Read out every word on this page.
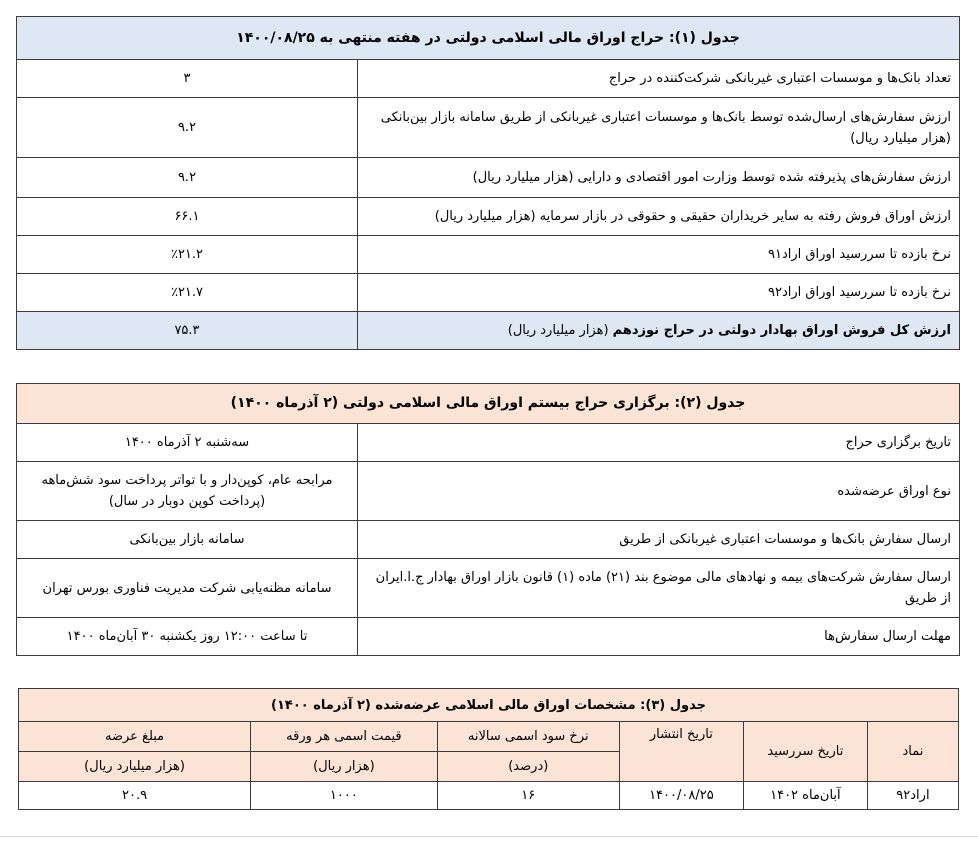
جدول (۱): حراج اوراق مالی اسلامی دولتی در هفته منتهی به ۱۴۰۰/۰۸/۲۵	
تعداد بانک‌ها و موسسات اعتباری غیربانکی شرکت‌کننده در حراج	۳
ارزش سفارش‌های ارسال‌شده توسط بانک‌ها و موسسات اعتباری غیربانکی از طریق سامانه بازار بین‌بانکی (هزار میلیارد ریال)	۹.۲
ارزش سفارش‌های پذیرفته شده توسط وزارت امور اقتصادی و دارایی (هزار میلیارد ریال)	۹.۲
ارزش اوراق فروش رفته به سایر خریداران حقیقی و حقوقی در بازار سرمایه (هزار میلیارد ریال)	۶۶.۱
نرخ بازده تا سررسید اوراق اراد۹۱	٪۲۱.۲
نرخ بازده تا سررسید اوراق اراد۹۲	٪۲۱.۷
ارزش کل فروش اوراق بهادار دولتی در حراج نوزدهم (هزار میلیارد ریال)	۷۵.۳
جدول (۲): برگزاری حراج بیستم اوراق مالی اسلامی دولتی (۲ آذرماه ۱۴۰۰)	
تاریخ برگزاری حراج	سه‌شنبه ۲ آذرماه ۱۴۰۰
نوع اوراق عرضه‌شده	مرابحه عام، کوپن‌دار و با تواتر پرداخت سود شش‌ماهه (پرداخت کوپن دوبار در سال)
ارسال سفارش بانک‌ها و موسسات اعتباری غیربانکی از طریق	سامانه بازار بین‌بانکی
ارسال سفارش شرکت‌های بیمه و نهادهای مالی موضوع بند (۲۱) ماده (۱) قانون بازار اوراق بهادار ج.ا.ایران از طریق	سامانه مظنه‌یابی شرکت مدیریت فناوری بورس تهران
مهلت ارسال سفارش‌ها	تا ساعت ۱۲:۰۰ روز یکشنبه ۳۰ آبان‌ماه ۱۴۰۰
جدول (۳): مشخصات اوراق مالی اسلامی عرضه‌شده (۲ آذرماه ۱۴۰۰)					
نماد	تاریخ سررسید	تاریخ انتشار	نرخ سود اسمی سالانه	قیمت اسمی هر ورقه	مبلغ عرضه
			(درصد)	(هزار ریال)	(هزار میلیارد ریال)
اراد۹۲	آبان‌ماه ۱۴۰۲	۱۴۰۰/۰۸/۲۵	۱۶	۱۰۰۰	۲۰.۹
